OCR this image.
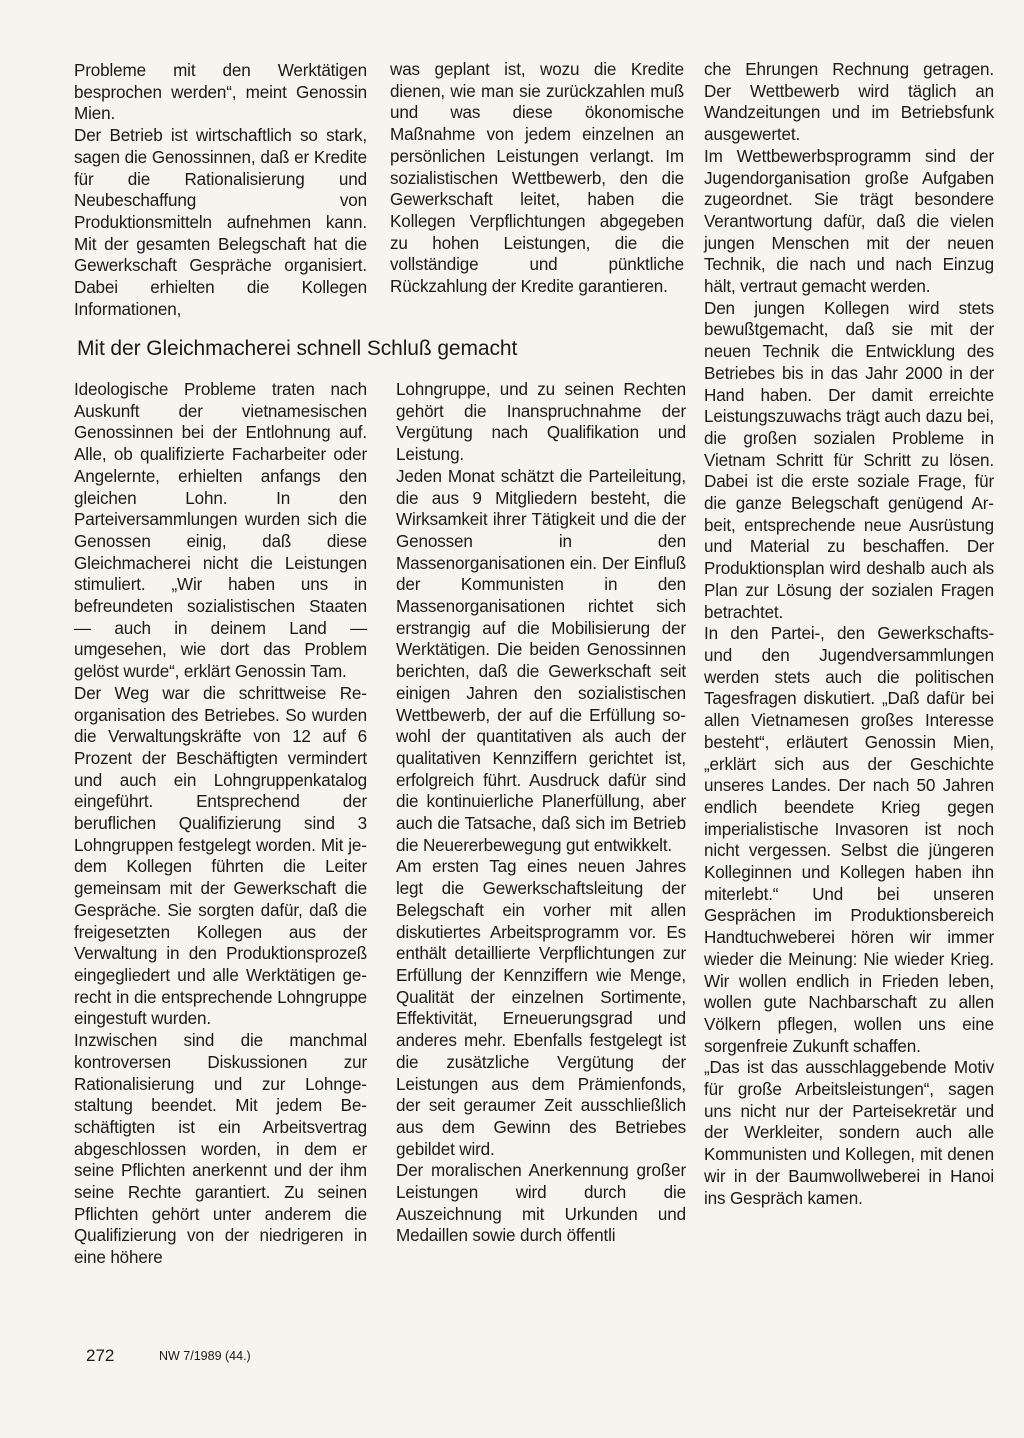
Probleme mit den Werktätigen besprochen werden“, meint Genossin Mien.

Der Betrieb ist wirtschaftlich so stark, sagen die Genossinnen, daß er Kredite für die Rationalisierung und Neubeschaffung von Produktionsmitteln aufnehmen kann. Mit der gesamten Belegschaft hat die Gewerkschaft Gespräche organisiert. Dabei erhielten die Kollegen Informationen,

was geplant ist, wozu die Kredite dienen, wie man sie zurückzahlen muß und was diese ökonomische Maßnahme von jedem einzelnen an persönlichen Leistungen verlangt. Im sozialistischen Wettbewerb, den die Gewerkschaft leitet, haben die Kollegen Verpflichtungen abgegeben zu hohen Leistungen, die die vollständige und pünktliche Rückzahlung der Kredite garantieren.

Mit der Gleichmacherei schnell Schluß gemacht

Ideologische Probleme traten nach Auskunft der vietnamesischen Genossinnen bei der Entlohnung auf. Alle, ob qualifizierte Facharbeiter oder Angelernte, erhielten anfangs den gleichen Lohn. In den Parteiversammlungen wurden sich die Genossen einig, daß diese Gleichmacherei nicht die Leistungen stimuliert. „Wir haben uns in befreundeten sozialistischen Staaten — auch in deinem Land — umgesehen, wie dort das Problem gelöst wurde“, erklärt Genossin Tam.

Der Weg war die schrittweise Reorganisation des Betriebes. So wurden die Verwaltungskräfte von 12 auf 6 Prozent der Beschäftigten vermindert und auch ein Lohngruppenkatalog eingeführt. Entsprechend der beruflichen Qualifizierung sind 3 Lohngruppen festgelegt worden. Mit jedem Kollegen führten die Leiter gemeinsam mit der Gewerkschaft die Gespräche. Sie sorgten dafür, daß die freigesetzten Kollegen aus der Verwaltung in den Produktionsprozeß eingegliedert und alle Werktätigen gerecht in die entsprechende Lohngruppe eingestuft wurden.

Inzwischen sind die manchmal kontroversen Diskussionen zur Rationalisierung und zur Lohngestaltung beendet. Mit jedem Beschäftigten ist ein Arbeitsvertrag abgeschlossen worden, in dem er seine Pflichten anerkennt und der ihm seine Rechte garantiert. Zu seinen Pflichten gehört unter anderem die Qualifizierung von der niedrigeren in eine höhere

Lohngruppe, und zu seinen Rechten gehört die Inanspruchnahme der Vergütung nach Qualifikation und Leistung.

Jeden Monat schätzt die Parteileitung, die aus 9 Mitgliedern besteht, die Wirksamkeit ihrer Tätigkeit und die der Genossen in den Massenorganisationen ein. Der Einfluß der Kommunisten in den Massenorganisationen richtet sich erstrangig auf die Mobilisierung der Werktätigen. Die beiden Genossinnen berichten, daß die Gewerkschaft seit einigen Jahren den sozialistischen Wettbewerb, der auf die Erfüllung sowohl der quantitativen als auch der qualitativen Kennziffern gerichtet ist, erfolgreich führt. Ausdruck dafür sind die kontinuierliche Planerfüllung, aber auch die Tatsache, daß sich im Betrieb die Neuererbewegung gut entwikkelt.

Am ersten Tag eines neuen Jahres legt die Gewerkschaftsleitung der Belegschaft ein vorher mit allen diskutiertes Arbeitsprogramm vor. Es enthält detaillierte Verpflichtungen zur Erfüllung der Kennziffern wie Menge, Qualität der einzelnen Sortimente, Effektivität, Erneuerungsgrad und anderes mehr. Ebenfalls festgelegt ist die zusätzliche Vergütung der Leistungen aus dem Prämienfonds, der seit geraumer Zeit ausschließlich aus dem Gewinn des Betriebes gebildet wird.

Der moralischen Anerkennung großer Leistungen wird durch die Auszeichnung mit Urkunden und Medaillen sowie durch öffentli

che Ehrungen Rechnung getragen. Der Wettbewerb wird täglich an Wandzeitungen und im Betriebsfunk ausgewertet.

Im Wettbewerbsprogramm sind der Jugendorganisation große Aufgaben zugeordnet. Sie trägt besondere Verantwortung dafür, daß die vielen jungen Menschen mit der neuen Technik, die nach und nach Einzug hält, vertraut gemacht werden.

Den jungen Kollegen wird stets bewußtgemacht, daß sie mit der neuen Technik die Entwicklung des Betriebes bis in das Jahr 2000 in der Hand haben. Der damit erreichte Leistungszuwachs trägt auch dazu bei, die großen sozialen Probleme in Vietnam Schritt für Schritt zu lösen. Dabei ist die erste soziale Frage, für die ganze Belegschaft genügend Arbeit, entsprechende neue Ausrüstung und Material zu beschaffen. Der Produktionsplan wird deshalb auch als Plan zur Lösung der sozialen Fragen betrachtet.

In den Partei-, den Gewerkschafts- und den Jugendversammlungen werden stets auch die politischen Tagesfragen diskutiert. „Daß dafür bei allen Vietnamesen großes Interesse besteht“, erläutert Genossin Mien, „erklärt sich aus der Geschichte unseres Landes. Der nach 50 Jahren endlich beendete Krieg gegen imperialistische Invasoren ist noch nicht vergessen. Selbst die jüngeren Kolleginnen und Kollegen haben ihn miterlebt.“ Und bei unseren Gesprächen im Produktionsbereich Handtuchweberei hören wir immer wieder die Meinung: Nie wieder Krieg. Wir wollen endlich in Frieden leben, wollen gute Nachbarschaft zu allen Völkern pflegen, wollen uns eine sorgenfreie Zukunft schaffen.

„Das ist das ausschlaggebende Motiv für große Arbeitsleistungen“, sagen uns nicht nur der Parteisekretär und der Werkleiter, sondern auch alle Kommunisten und Kollegen, mit denen wir in der Baumwollweberei in Hanoi ins Gespräch kamen.

272	NW 7/1989 (44.)
